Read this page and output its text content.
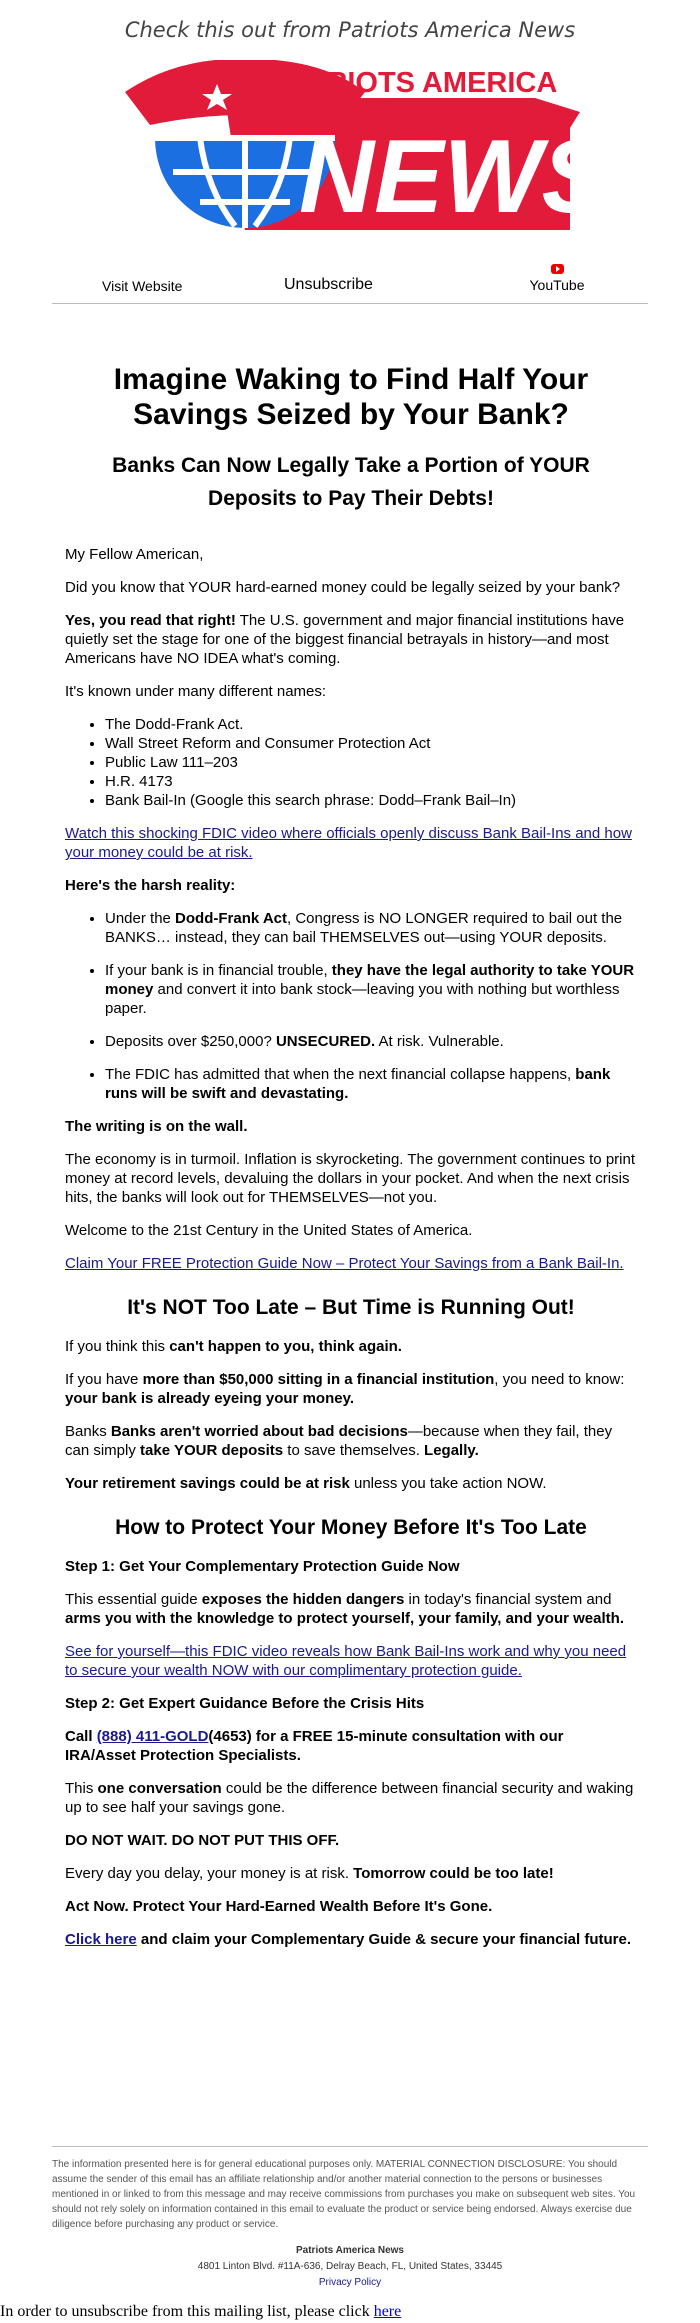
Check this out from Patriots America News
PATRIOTS AMERICA
NEWS
Visit Website	Unsubscribe	YouTube
Imagine Waking to Find Half Your Savings Seized by Your Bank?
Banks Can Now Legally Take a Portion of YOUR Deposits to Pay Their Debts!

My Fellow American,

Did you know that YOUR hard-earned money could be legally seized by your bank?

Yes, you read that right! The U.S. government and major financial institutions have quietly set the stage for one of the biggest financial betrayals in history—and most Americans have NO IDEA what's coming.

It's known under many different names:

• The Dodd-Frank Act.
• Wall Street Reform and Consumer Protection Act
• Public Law 111–203
• H.R. 4173
• Bank Bail-In (Google this search phrase: Dodd–Frank Bail–In)

Watch this shocking FDIC video where officials openly discuss Bank Bail-Ins and how your money could be at risk.

Here's the harsh reality:

• Under the Dodd-Frank Act, Congress is NO LONGER required to bail out the BANKS… instead, they can bail THEMSELVES out—using YOUR deposits.
• If your bank is in financial trouble, they have the legal authority to take YOUR money and convert it into bank stock—leaving you with nothing but worthless paper.
• Deposits over $250,000? UNSECURED. At risk. Vulnerable.
• The FDIC has admitted that when the next financial collapse happens, bank runs will be swift and devastating.

The writing is on the wall.

The economy is in turmoil. Inflation is skyrocketing. The government continues to print money at record levels, devaluing the dollars in your pocket. And when the next crisis hits, the banks will look out for THEMSELVES—not you.

Welcome to the 21st Century in the United States of America.

Claim Your FREE Protection Guide Now – Protect Your Savings from a Bank Bail-In.

It's NOT Too Late – But Time is Running Out!

If you think this can't happen to you, think again.

If you have more than $50,000 sitting in a financial institution, you need to know: your bank is already eyeing your money.

Banks Banks aren't worried about bad decisions—because when they fail, they can simply take YOUR deposits to save themselves. Legally.

Your retirement savings could be at risk unless you take action NOW.

How to Protect Your Money Before It's Too Late

Step 1: Get Your Complementary Protection Guide Now

This essential guide exposes the hidden dangers in today's financial system and arms you with the knowledge to protect yourself, your family, and your wealth.

See for yourself—this FDIC video reveals how Bank Bail-Ins work and why you need to secure your wealth NOW with our complimentary protection guide.

Step 2: Get Expert Guidance Before the Crisis Hits

Call (888) 411-GOLD(4653) for a FREE 15-minute consultation with our IRA/Asset Protection Specialists.

This one conversation could be the difference between financial security and waking up to see half your savings gone.

DO NOT WAIT. DO NOT PUT THIS OFF.

Every day you delay, your money is at risk. Tomorrow could be too late!

Act Now. Protect Your Hard-Earned Wealth Before It's Gone.

Click here and claim your Complementary Guide & secure your financial future.

The information presented here is for general educational purposes only. MATERIAL CONNECTION DISCLOSURE: You should assume the sender of this email has an affiliate relationship and/or another material connection to the persons or businesses mentioned in or linked to from this message and may receive commissions from purchases you make on subsequent web sites. You should not rely solely on information contained in this email to evaluate the product or service being endorsed. Always exercise due diligence before purchasing any product or service.
Patriots America News
4801 Linton Blvd. #11A-636, Delray Beach, FL, United States, 33445
Privacy Policy
In order to unsubscribe from this mailing list, please click here
